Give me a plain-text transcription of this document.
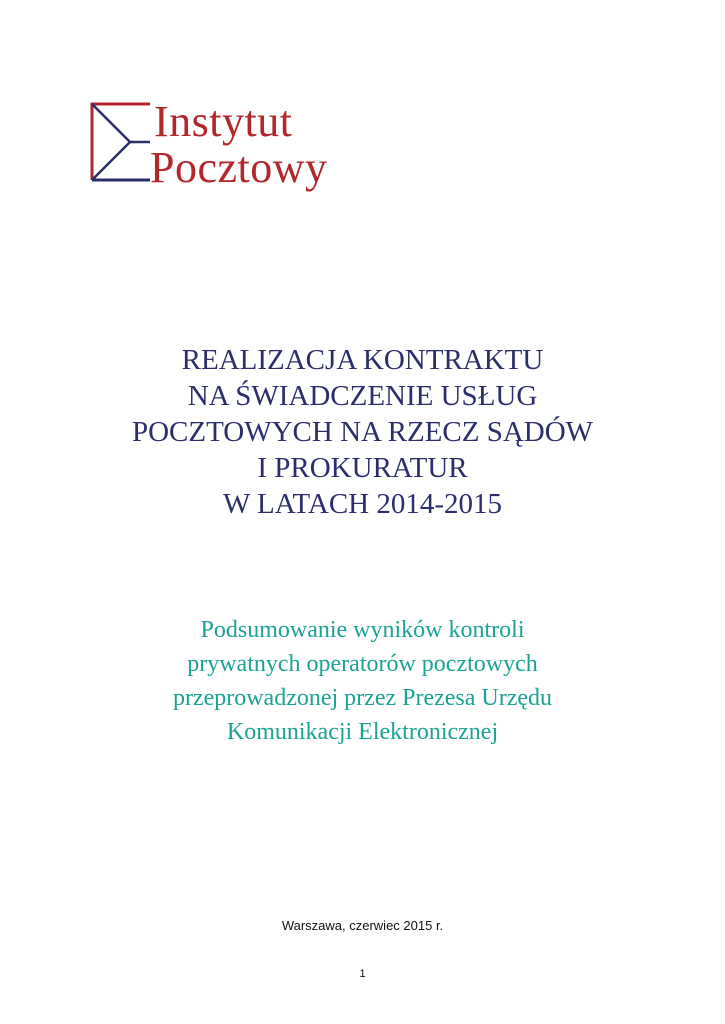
Instytut
Pocztowy
REALIZACJA KONTRAKTU
NA ŚWIADCZENIE USŁUG
POCZTOWYCH NA RZECZ SĄDÓW
I PROKURATUR
W LATACH 2014-2015
Podsumowanie wyników kontroli
prywatnych operatorów pocztowych
przeprowadzonej przez Prezesa Urzędu
Komunikacji Elektronicznej
Warszawa, czerwiec 2015 r.
1
